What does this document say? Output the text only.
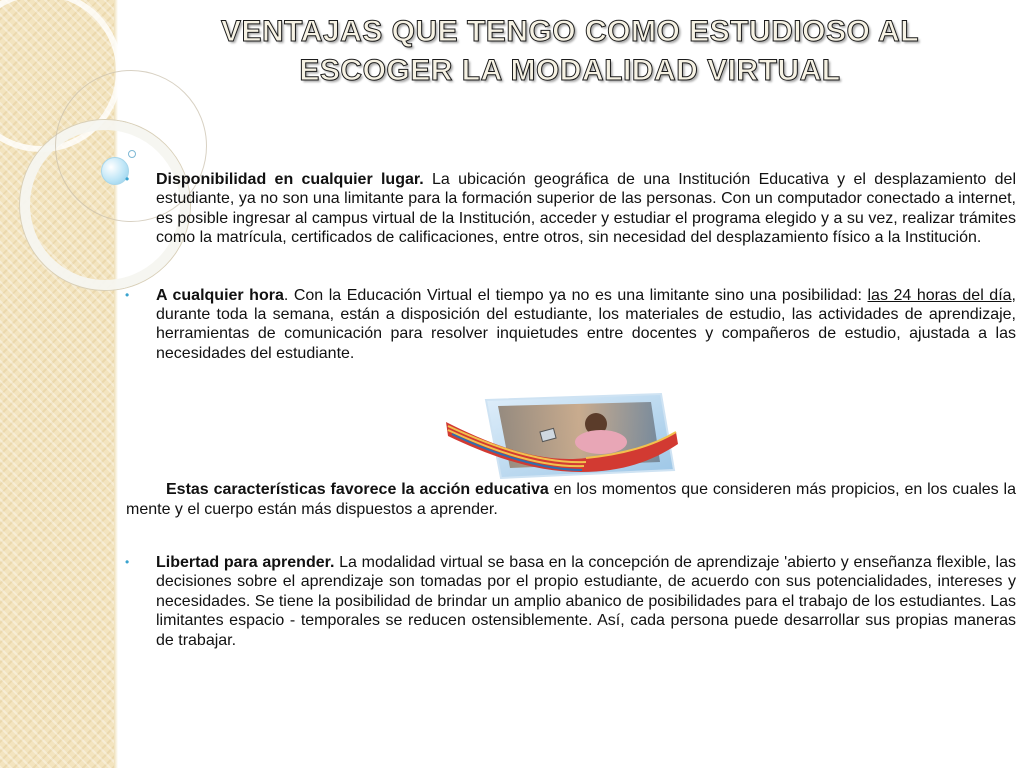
VENTAJAS QUE TENGO COMO ESTUDIOSO AL ESCOGER LA MODALIDAD VIRTUAL
• Disponibilidad en cualquier lugar. La ubicación geográfica de una Institución Educativa y el desplazamiento del estudiante, ya no son una limitante para la formación superior de las personas. Con un computador conectado a internet, es posible ingresar al campus virtual de la Institución, acceder y estudiar el programa elegido y a su vez, realizar trámites como la matrícula, certificados de calificaciones, entre otros, sin necesidad del desplazamiento físico a la Institución.
• A cualquier hora. Con la Educación Virtual el tiempo ya no es una limitante sino una posibilidad: las 24 horas del día, durante toda la semana, están a disposición del estudiante, los materiales de estudio, las actividades de aprendizaje, herramientas de comunicación para resolver inquietudes entre docentes y compañeros de estudio, ajustada a las necesidades del estudiante.
Estas características favorece la acción educativa en los momentos que consideren más propicios, en los cuales la mente y el cuerpo están más dispuestos a aprender.
• Libertad para aprender. La modalidad virtual se basa en la concepción de aprendizaje 'abierto y enseñanza flexible, las decisiones sobre el aprendizaje son tomadas por el propio estudiante, de acuerdo con sus potencialidades, intereses y necesidades. Se tiene la posibilidad de brindar un amplio abanico de posibilidades para el trabajo de los estudiantes. Las limitantes espacio - temporales se reducen ostensiblemente. Así, cada persona puede desarrollar sus propias maneras de trabajar.
